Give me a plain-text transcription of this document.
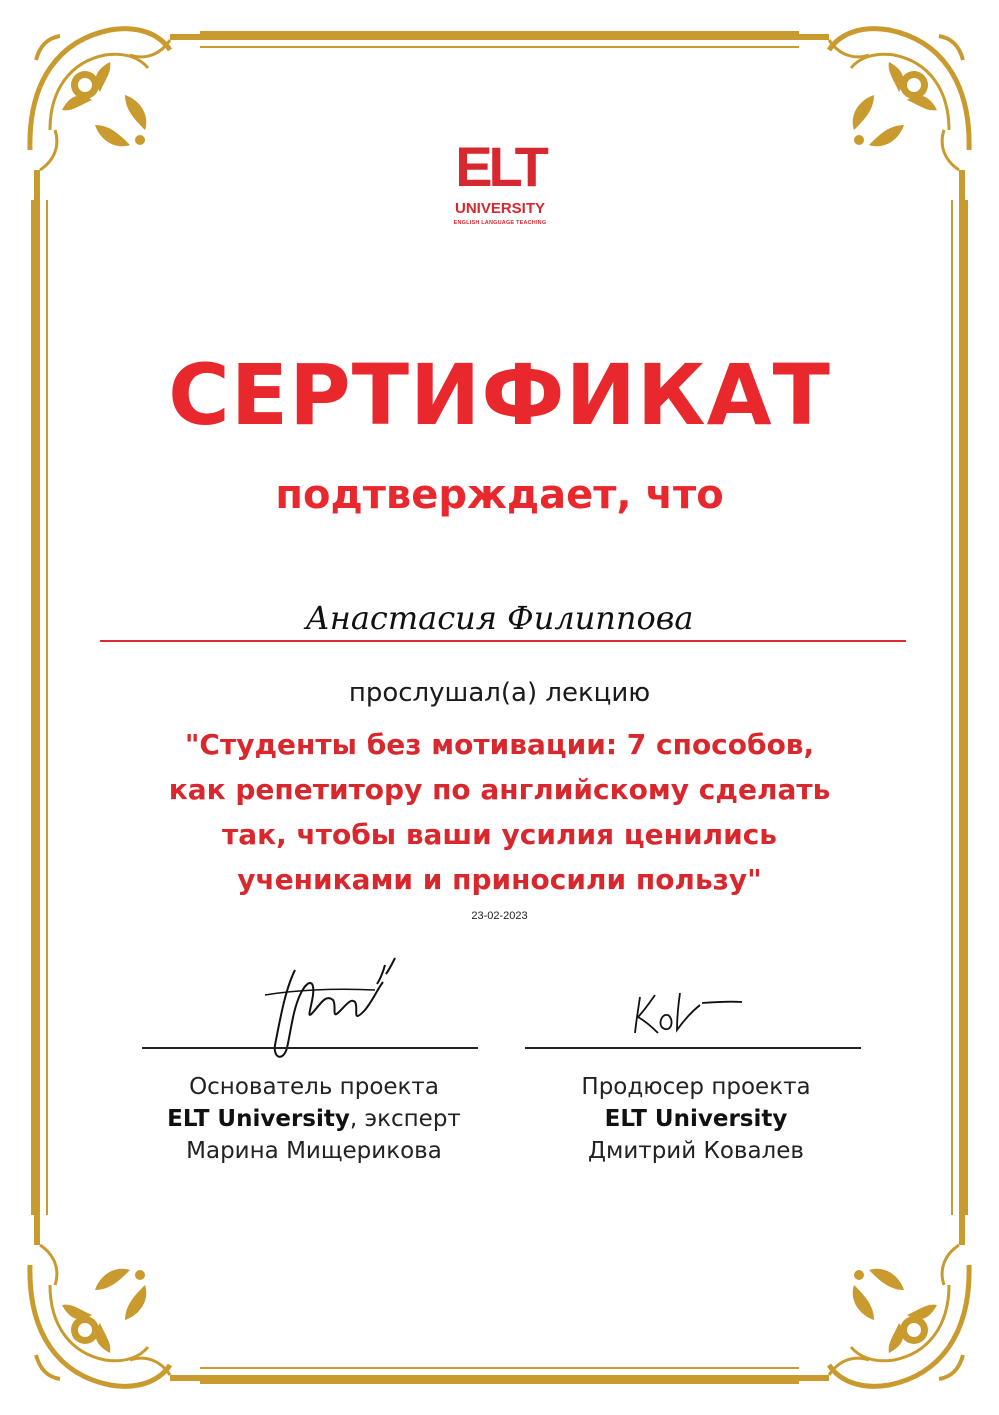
ELT
UNIVERSITY
ENGLISH LANGUAGE TEACHING
СЕРТИФИКАТ
подтверждает, что
Анастасия Филиппова
прослушал(а) лекцию
"Студенты без мотивации: 7 способов,
как репетитору по английскому сделать
так, чтобы ваши усилия ценились
учениками и приносили пользу"
23-02-2023
Основатель проекта
ELT University, эксперт
Марина Мищерикова
Продюсер проекта
ELT University
Дмитрий Ковалев
